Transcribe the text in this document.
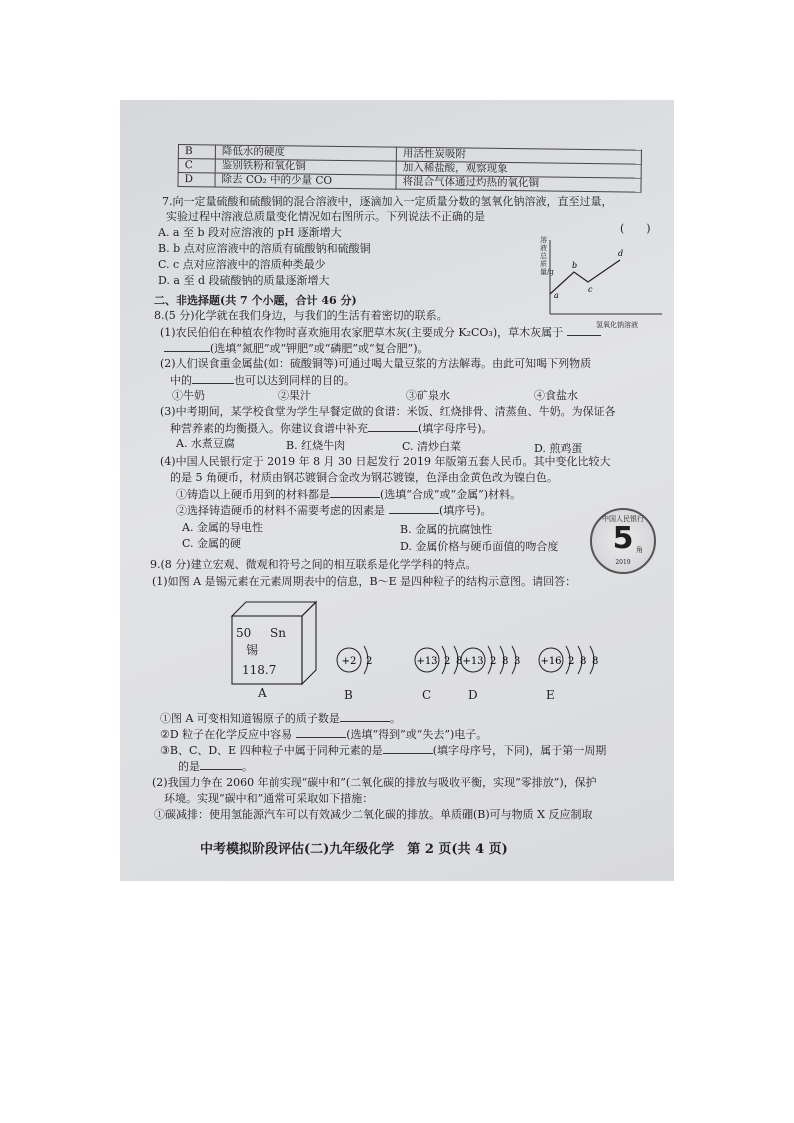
B	降低水的硬度	用活性炭吸附
C	鉴别铁粉和氧化铜	加入稀盐酸，观察现象
D	除去 CO₂ 中的少量 CO	将混合气体通过灼热的氧化铜
7.向一定量硫酸和硫酸铜的混合溶液中，逐滴加入一定质量分数的氢氧化钠溶液，直至过量，
实验过程中溶液总质量变化情况如右图所示。下列说法不正确的是
(　　)
A. a 至 b 段对应溶液的 pH 逐渐增大
B. b 点对应溶液中的溶质有硫酸钠和硫酸铜
C. c 点对应溶液中的溶质种类最少
D. a 至 d 段硫酸钠的质量逐渐增大
a
b
c
d
溶液总质量/g
氢氧化钠溶液
二、非选择题(共 7 个小题，合计 46 分)
8.(5 分)化学就在我们身边，与我们的生活有着密切的联系。
(1)农民伯伯在种植农作物时喜欢施用农家肥草木灰(主要成分 K₂CO₃)，草木灰属于
(选填“氮肥”或“钾肥”或“磷肥”或“复合肥”)。
(2)人们误食重金属盐(如：硫酸铜等)可通过喝大量豆浆的方法解毒。由此可知喝下列物质
中的	也可以达到同样的目的。
①牛奶	②果汁	③矿泉水	④食盐水
(3)中考期间，某学校食堂为学生早餐定做的食谱：米饭、红烧排骨、清蒸鱼、牛奶。为保证各
种营养素的均衡摄入。你建议食谱中补充	(填字母序号)。
A. 水煮豆腐	B. 红烧牛肉	C. 清炒白菜	D. 煎鸡蛋
(4)中国人民银行定于 2019 年 8 月 30 日起发行 2019 年版第五套人民币。其中变化比较大
的是 5 角硬币，材质由钢芯镀铜合金改为钢芯镀镍，色泽由金黄色改为镍白色。
①铸造以上硬币用到的材料都是	(选填“合成”或“金属”)材料。
②选择铸造硬币的材料不需要考虑的因素是	(填序号)。
A. 金属的导电性	B. 金属的抗腐蚀性
C. 金属的硬	D. 金属价格与硬币面值的吻合度
中国人民银行
5 角
2019
9.(8 分)建立宏观、微观和符号之间的相互联系是化学学科的特点。
(1)如图 A 是锡元素在元素周期表中的信息，B～E 是四种粒子的结构示意图。请回答：
50 Sn
锡
118.7
A
+2 2
B
+13 2 8
C
+13 2 8 3
D
+16 2 8 8
E
①图 A 可变相知道锡原子的质子数是	。
②D 粒子在化学反应中容易	(选填“得到”或“失去”)电子。
③B、C、D、E 四种粒子中属于同种元素的是	(填字母序号，下同)，属于第一周期
的是	。
(2)我国力争在 2060 年前实现“碳中和”(二氧化碳的排放与吸收平衡，实现“零排放”)，保护
环境。实现“碳中和”通常可采取如下措施：
①碳减排：使用氢能源汽车可以有效减少二氧化碳的排放。单质硼(B)可与物质 X 反应制取
中考模拟阶段评估(二)九年级化学　第 2 页(共 4 页)
